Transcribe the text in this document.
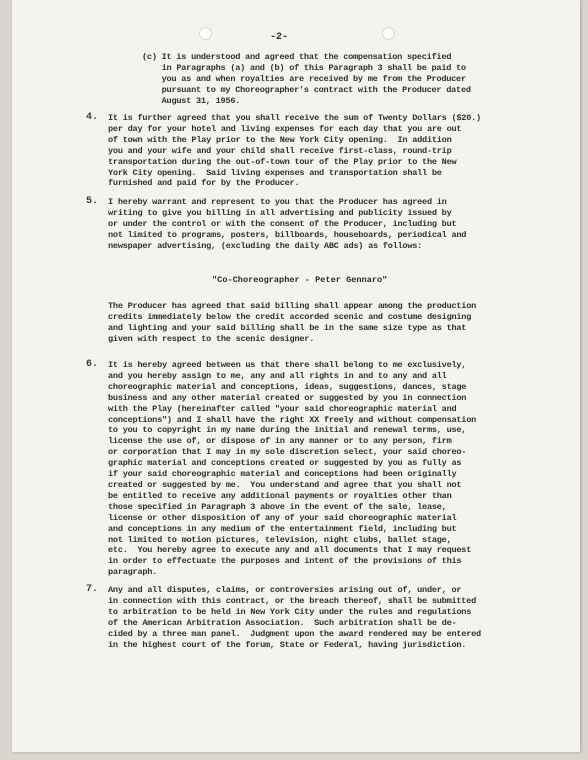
-2-
(c) It is understood and agreed that the compensation specified
in Paragraphs (a) and (b) of this Paragraph 3 shall be paid to
you as and when royalties are received by me from the Producer
pursuant to my Choreographer's contract with the Producer dated
August 31, 1956.
4. It is further agreed that you shall receive the sum of Twenty Dollars ($20.)
per day for your hotel and living expenses for each day that you are out
of town with the Play prior to the New York City opening.  In addition
you and your wife and your child shall receive first-class, round-trip
transportation during the out-of-town tour of the Play prior to the New
York City opening.  Said living expenses and transportation shall be
furnished and paid for by the Producer.
5. I hereby warrant and represent to you that the Producer has agreed in
writing to give you billing in all advertising and publicity issued by
or under the control or with the consent of the Producer, including but
not limited to programs, posters, billboards, houseboards, periodical and
newspaper advertising, (excluding the daily ABC ads) as follows:
"Co-Choreographer - Peter Gennaro"
The Producer has agreed that said billing shall appear among the production
credits immediately below the credit accorded scenic and costume designing
and lighting and your said billing shall be in the same size type as that
given with respect to the scenic designer.
6. It is hereby agreed between us that there shall belong to me exclusively,
and you hereby assign to me, any and all rights in and to any and all
choreographic material and conceptions, ideas, suggestions, dances, stage
business and any other material created or suggested by you in connection
with the Play (hereinafter called "your said choreographic material and
conceptions") and I shall have the right XX freely and without compensation
to you to copyright in my name during the initial and renewal terms, use,
license the use of, or dispose of in any manner or to any person, firm
or corporation that I may in my sole discretion select, your said choreo-
graphic material and conceptions created or suggested by you as fully as
if your said choreographic material and conceptions had been originally
created or suggested by me.  You understand and agree that you shall not
be entitled to receive any additional payments or royalties other than
those specified in Paragraph 3 above in the event of the sale, lease,
license or other disposition of any of your said choreographic material
and conceptions in any medium of the entertainment field, including but
not limited to motion pictures, television, night clubs, ballet stage,
etc.  You hereby agree to execute any and all documents that I may request
in order to effectuate the purposes and intent of the provisions of this
paragraph.
7. Any and all disputes, claims, or controversies arising out of, under, or
in connection with this contract, or the breach thereof, shall be submitted
to arbitration to be held in New York City under the rules and regulations
of the American Arbitration Association.  Such arbitration shall be de-
cided by a three man panel.  Judgment upon the award rendered may be entered
in the highest court of the forum, State or Federal, having jurisdiction.
